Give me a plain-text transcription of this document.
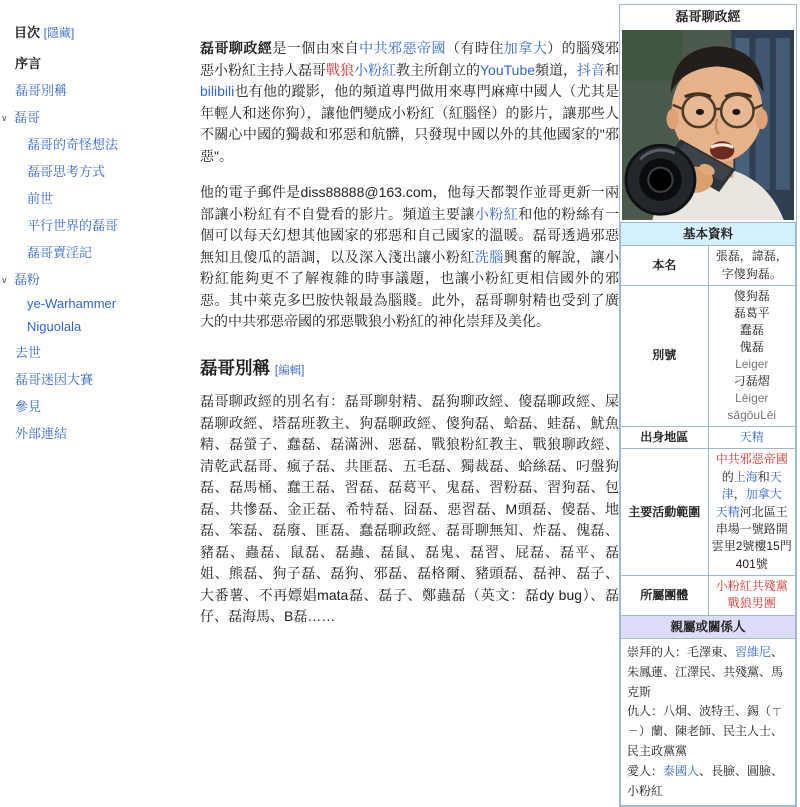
目次 [隱藏]
序言
磊哥別稱
∨ 磊哥
磊哥的奇怪想法
磊哥思考方式
前世
平行世界的磊哥
磊哥賣淫記
∨ 磊粉
ye-Warhammer
Niguolala
去世
磊哥迷因大賽
參見
外部連結

磊哥聊政經是一個由來自中共邪惡帝國（有時住加拿大）的腦殘邪惡小粉紅主持人磊哥戰狼小粉紅教主所創立的YouTube頻道，抖音和bilibili也有他的蹤影，他的頻道專門做用來專門麻痺中國人（尤其是年輕人和迷你狗），讓他們變成小粉紅（紅腦怪）的影片，讓那些人不關心中國的獨裁和邪惡和航髒，只發現中國以外的其他國家的"邪惡"。

他的電子郵件是diss88888@163.com，他每天都製作並哥更新一兩部讓小粉紅有不自覺看的影片。頻道主要讓小粉紅和他的粉絲有一個可以每天幻想其他國家的邪惡和自己國家的溫暖。磊哥透過邪惡無知且傻瓜的語調，以及深入淺出讓小粉紅洗腦興奮的解說，讓小粉紅能夠更不了解複雜的時事議題，也讓小粉紅更相信國外的邪惡。其中萊克多巴胺快報最為腦賤。此外，磊哥聊射精也受到了廣大的中共邪惡帝國的邪惡戰狼小粉紅的神化崇拜及美化。

磊哥別稱 [編輯]

磊哥聊政經的別名有：磊哥聊射精、磊狗聊政經、傻磊聊政經、屎磊聊政經、塔磊班教主、狗磊聊政經、傻狗磊、蛤磊、蛙磊、魷魚精、磊螢子、蠢磊、磊滿洲、惡磊、戰狼粉紅教主、戰狼聊政經、清乾武磊哥、瘋子磊、共匪磊、五毛磊、獨裁磊、蛤絲磊、叼盤狗磊、磊馬桶、蠢王磊、習磊、磊葛平、鬼磊、習粉磊、習狗磊、包磊、共慘磊、金正磊、希特磊、囧磊、惡習磊、M頭磊、傻磊、地磊、笨磊、磊廢、匪磊、蠢磊聊政經、磊哥聊無知、炸磊、傀磊、豬磊、蟲磊、鼠磊、磊蟲、磊鼠、磊鬼、磊習、屁磊、磊平、磊姐、熊磊、狗子磊、磊狗、邪磊、磊格爾、豬頭磊、磊神、磊子、大番薯、不再嫖娼mata磊、磊子、鄭蟲磊（英文：磊dy bug）、磊仔、磊海馬、B磊……

磊哥聊政經
基本資料	
本名	張磊，諱磊，字傻狗磊。
別號	
傻狗磊
磊葛平
蠢磊
傀磊
Leiger
刁磊熠
Lēiger
sǎgǒuLěi

出身地區	天精
主要活動範圍	中共邪惡帝國的上海和天津，加拿大
天精河北區王串場一號路開雲里2號樓15門401號

所屬團體	小粉紅共殘黨戰狼男團
親屬或關係人	

崇拜的人：毛澤東、習維尼、朱鳳蓮、江澤民、共殘黨、馬克斯
仇人：八炯、波特王、錫（ㄒㄧ）蘭、陳老師、民主人士、民主政黨黨
愛人：泰國人、長臉、圓臉、小粉紅	
